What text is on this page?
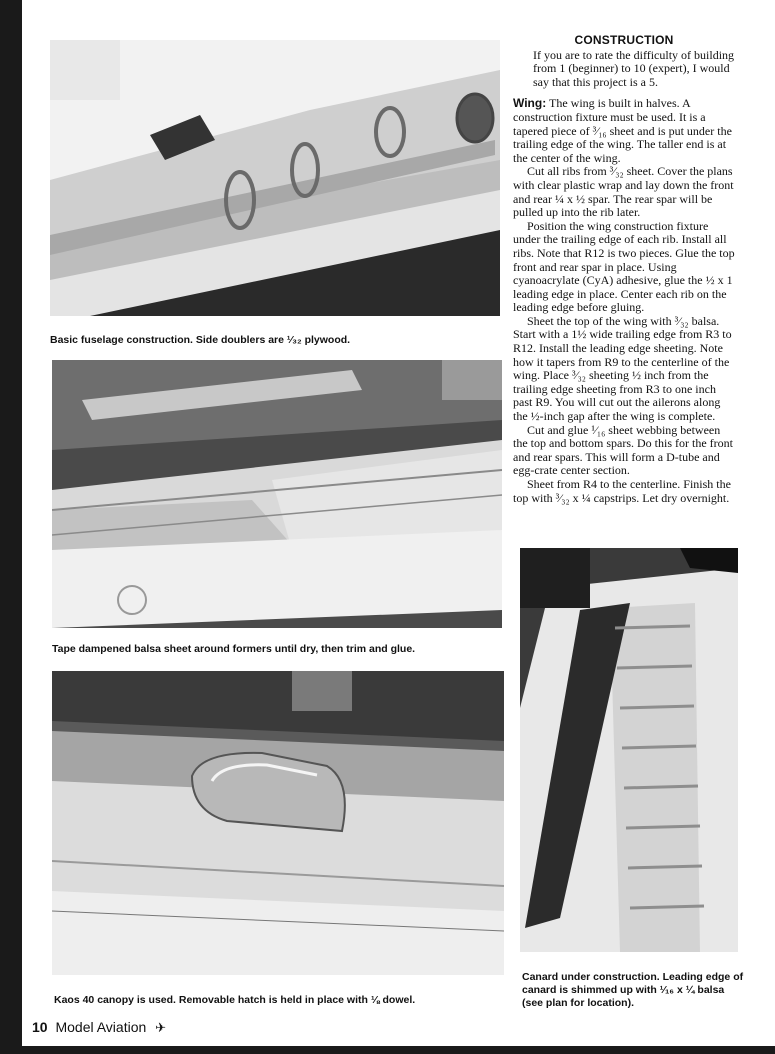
Basic fuselage construction. Side doublers are ¹⁄₃₂ plywood.
Tape dampened balsa sheet around formers until dry, then trim and glue.
Kaos 40 canopy is used. Removable hatch is held in place with ⅛ dowel.
Canard under construction. Leading edge of canard is shimmed up with ¹⁄₁₆ x ¼ balsa (see plan for location).
CONSTRUCTION

If you are to rate the difficulty of building from 1 (beginner) to 10 (expert), I would say that this project is a 5.

Wing: The wing is built in halves. A construction fixture must be used. It is a tapered piece of ³⁄₁₆ sheet and is put under the trailing edge of the wing. The taller end is at the center of the wing.

Cut all ribs from ³⁄₃₂ sheet. Cover the plans with clear plastic wrap and lay down the front and rear ¼ x ½ spar. The rear spar will be pulled up into the rib later.

Position the wing construction fixture under the trailing edge of each rib. Install all ribs. Note that R12 is two pieces. Glue the top front and rear spar in place. Using cyanoacrylate (CyA) adhesive, glue the ½ x 1 leading edge in place. Center each rib on the leading edge before gluing.

Sheet the top of the wing with ³⁄₃₂ balsa. Start with a 1½ wide trailing edge from R3 to R12. Install the leading edge sheeting. Note how it tapers from R9 to the centerline of the wing. Place ³⁄₃₂ sheeting ½ inch from the trailing edge sheeting from R3 to one inch past R9. You will cut out the ailerons along the ½-inch gap after the wing is complete.

Cut and glue ¹⁄₁₆ sheet webbing between the top and bottom spars. Do this for the front and rear spars. This will form a D-tube and egg-crate center section.

Sheet from R4 to the centerline. Finish the top with ³⁄₃₂ x ¼ capstrips. Let dry overnight.

10 Model Aviation ✈
